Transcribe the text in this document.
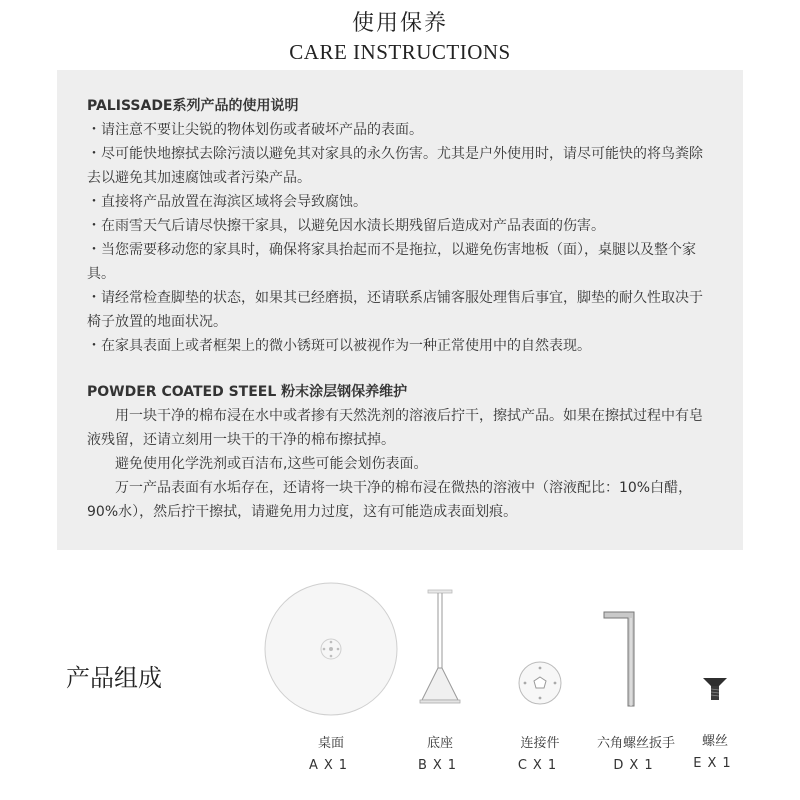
使用保养
CARE INSTRUCTIONS
PALISSADE系列产品的使用说明
・请注意不要让尖锐的物体划伤或者破坏产品的表面。
・尽可能快地擦拭去除污渍以避免其对家具的永久伤害。尤其是户外使用时，请尽可能快的将鸟粪除去以避免其加速腐蚀或者污染产品。
・直接将产品放置在海滨区域将会导致腐蚀。
・在雨雪天气后请尽快擦干家具，以避免因水渍长期残留后造成对产品表面的伤害。
・当您需要移动您的家具时，确保将家具抬起而不是拖拉，以避免伤害地板（面），桌腿以及整个家具。
・请经常检查脚垫的状态，如果其已经磨损，还请联系店铺客服处理售后事宜，脚垫的耐久性取决于椅子放置的地面状况。
・在家具表面上或者框架上的微小锈斑可以被视作为一种正常使用中的自然表现。
POWDER COATED STEEL 粉末涂层钢保养维护
用一块干净的棉布浸在水中或者掺有天然洗剂的溶液后拧干，擦拭产品。如果在擦拭过程中有皂液残留，还请立刻用一块干的干净的棉布擦拭掉。
避免使用化学洗剂或百洁布,这些可能会划伤表面。
万一产品表面有水垢存在，还请将一块干净的棉布浸在微热的溶液中（溶液配比：10%白醋，90%水），然后拧干擦拭，请避免用力过度，这有可能造成表面划痕。
产品组成
桌面
AX1
底座
BX1
连接件
CX1
六角螺丝扳手
DX1
螺丝
EX1
